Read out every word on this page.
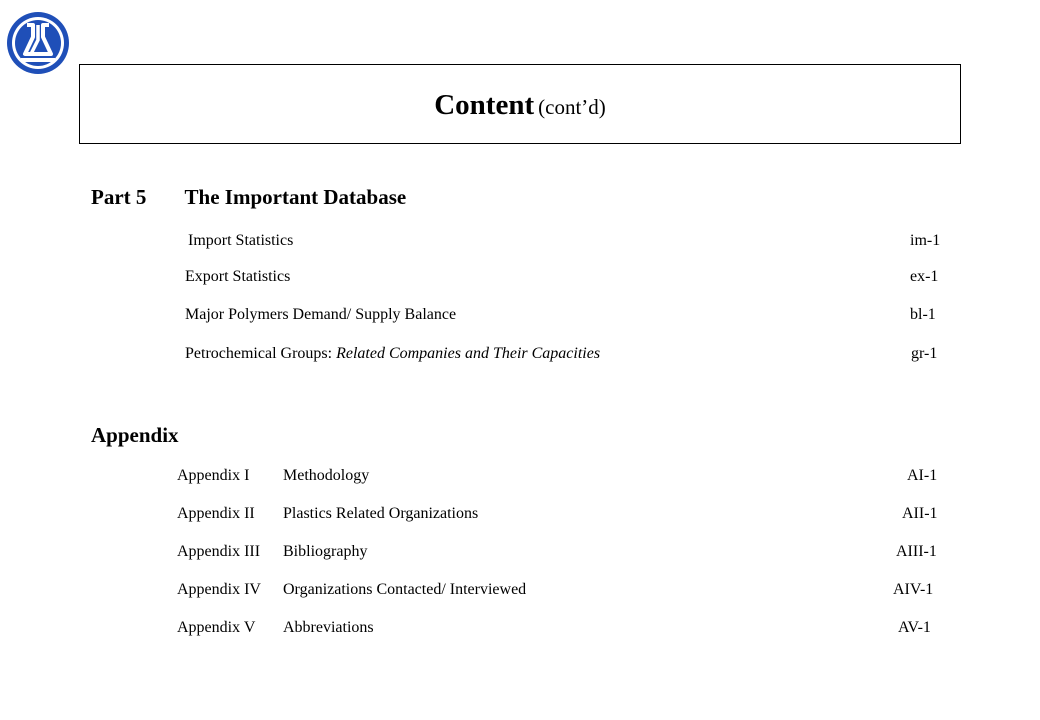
Content (cont’d)
Part 5 The Important Database
Import Statistics	im-1
Export Statistics	ex-1
Major Polymers Demand/ Supply Balance	bl-1
Petrochemical Groups: Related Companies and Their Capacities	gr-1
Appendix
Appendix I Methodology	AI-1
Appendix II Plastics Related Organizations	AII-1
Appendix III Bibliography	AIII-1
Appendix IV Organizations Contacted/ Interviewed	AIV-1
Appendix V Abbreviations	AV-1
